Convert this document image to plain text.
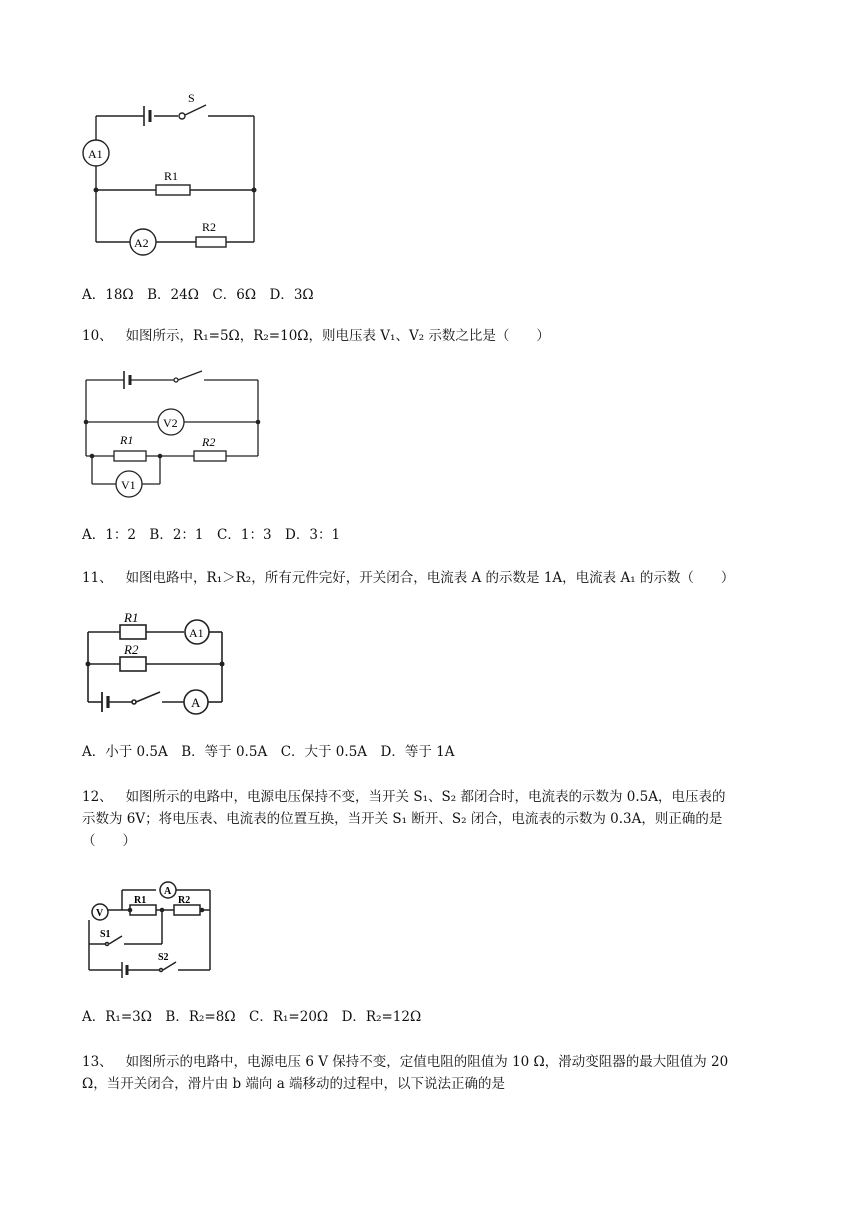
S
A1
R1
A2
R2
A．18Ω　B．24Ω　C．6Ω　D．3Ω
10、 如图所示，R₁=5Ω，R₂=10Ω，则电压表 V₁、V₂ 示数之比是（　　）
V2
R1	R2
V1
A．1：2　B．2：1　C．1：3　D．3：1
11、 如图电路中，R₁＞R₂，所有元件完好，开关闭合，电流表 A 的示数是 1A，电流表 A₁ 的示数（　　）
R1
R2
A1
A
A．小于 0.5A　B．等于 0.5A　C．大于 0.5A　D．等于 1A
12、 如图所示的电路中，电源电压保持不变，当开关 S₁、S₂ 都闭合时，电流表的示数为 0.5A，电压表的
示数为 6V；将电压表、电流表的位置互换，当开关 S₁ 断开、S₂ 闭合，电流表的示数为 0.3A，则正确的是
（　　）
V
A
R1	R2
S1
S2
A．R₁=3Ω　B．R₂=8Ω　C．R₁=20Ω　D．R₂=12Ω
13、 如图所示的电路中，电源电压 6 V 保持不变，定值电阻的阻值为 10 Ω，滑动变阻器的最大阻值为 20
Ω，当开关闭合，滑片由 b 端向 a 端移动的过程中，以下说法正确的是
